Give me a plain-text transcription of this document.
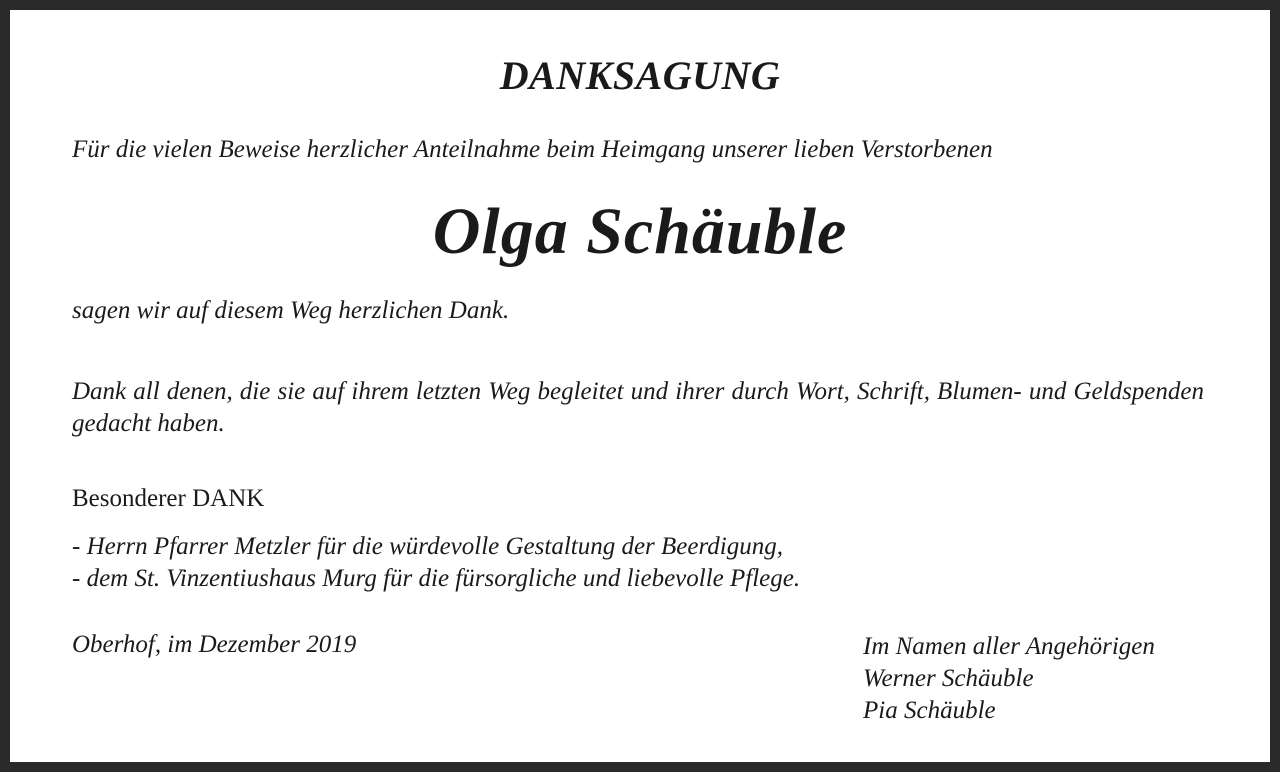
DANKSAGUNG

Für die vielen Beweise herzlicher Anteilnahme beim Heimgang unserer lieben Verstorbenen

Olga Schäuble

sagen wir auf diesem Weg herzlichen Dank.

Dank all denen, die sie auf ihrem letzten Weg begleitet und ihrer durch Wort, Schrift, Blumen- und Geldspenden gedacht haben.

Besonderer DANK

- Herrn Pfarrer Metzler für die würdevolle Gestaltung der Beerdigung,
- dem St. Vinzentiushaus Murg für die fürsorgliche und liebevolle Pflege.

Oberhof, im Dezember 2019	Im Namen aller Angehörigen
Werner Schäuble
Pia Schäuble
